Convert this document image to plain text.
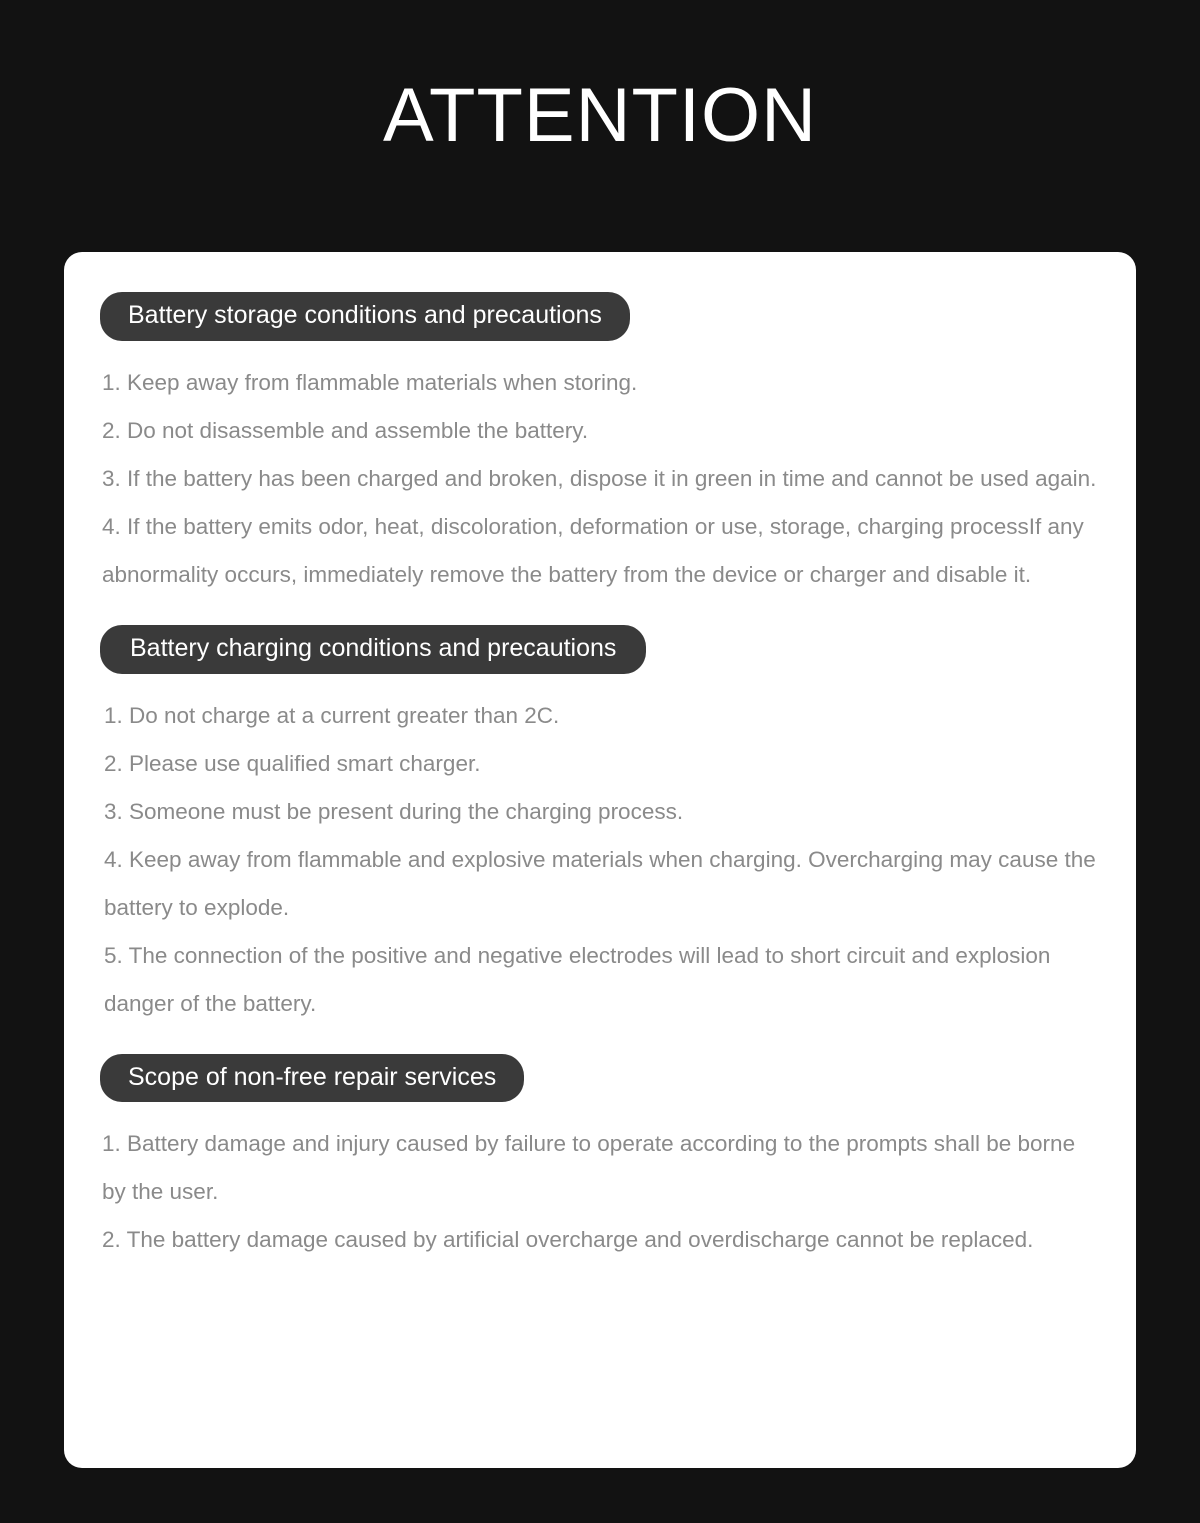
ATTENTION
Battery storage conditions and precautions

1. Keep away from flammable materials when storing.

2. Do not disassemble and assemble the battery.

3. If the battery has been charged and broken, dispose it in green in time and cannot be used again.

4. If the battery emits odor, heat, discoloration, deformation or use, storage, charging processIf any abnormality occurs, immediately remove the battery from the device or charger and disable it.

Battery charging conditions and precautions

1. Do not charge at a current greater than 2C.

2. Please use qualified smart charger.

3. Someone must be present during the charging process.

4. Keep away from flammable and explosive materials when charging. Overcharging may cause the battery to explode.

5. The connection of the positive and negative electrodes will lead to short circuit and explosion danger of the battery.

Scope of non-free repair services

1. Battery damage and injury caused by failure to operate according to the prompts shall be borne by the user.

2. The battery damage caused by artificial overcharge and overdischarge cannot be replaced.
